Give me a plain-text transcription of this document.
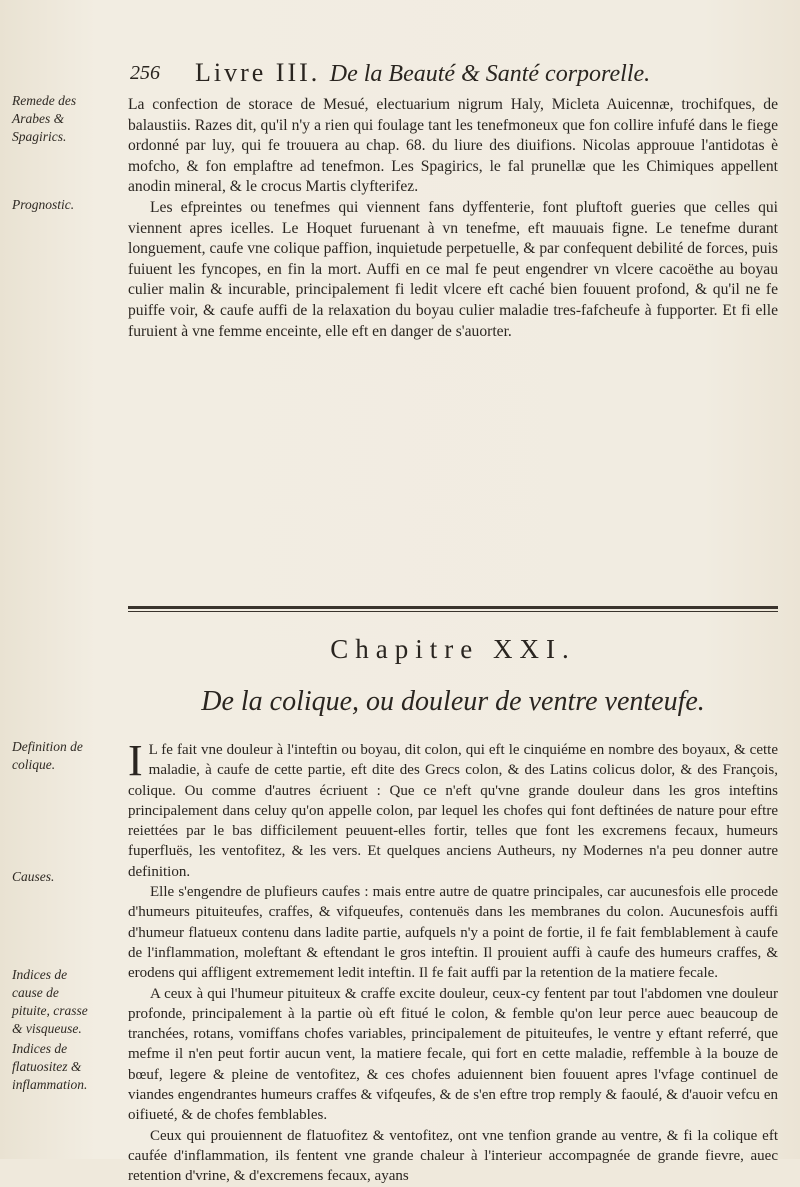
256 Livre III. De la Beauté & Santé corporelle.
Remede des Arabes & Spagirics.
Prognostic.
Definition de colique.
Causes.
Indices de cause de pituite, crasse & visqueuse.
Indices de flatuositez & inflammation.

La confection de storace de Mesué, electuarium nigrum Haly, Micleta Auicennæ, trochifques, de balaustiis. Razes dit, qu'il n'y a rien qui foulage tant les tenefmoneux que fon collire infufé dans le fiege ordonné par luy, qui fe trouuera au chap. 68. du liure des diuifions. Nicolas approuue l'antidotas è mofcho, & fon emplaftre ad tenefmon. Les Spagirics, le fal prunellæ que les Chimiques appellent anodin mineral, & le crocus Martis clyfterifez.

Les efpreintes ou tenefmes qui viennent fans dyffenterie, font pluftoft gueries que celles qui viennent apres icelles. Le Hoquet furuenant à vn tenefme, eft mauuais figne. Le tenefme durant longuement, caufe vne colique paffion, inquietude perpetuelle, & par confequent debilité de forces, puis fuiuent les fyncopes, en fin la mort. Auffi en ce mal fe peut engendrer vn vlcere cacoëthe au boyau culier malin & incurable, principalement fi ledit vlcere eft caché bien fouuent profond, & qu'il ne fe puiffe voir, & caufe auffi de la relaxation du boyau culier maladie tres-fafcheufe à fupporter. Et fi elle furuient à vne femme enceinte, elle eft en danger de s'auorter.

Chapitre XXI.
De la colique, ou douleur de ventre venteufe.

I L fe fait vne douleur à l'inteftin ou boyau, dit colon, qui eft le cinquiéme en nombre des boyaux, & cette maladie, à caufe de cette partie, eft dite des Grecs colon, & des Latins colicus dolor, & des François, colique. Ou comme d'autres écriuent : Que ce n'eft qu'vne grande douleur dans les gros inteftins principalement dans celuy qu'on appelle colon, par lequel les chofes qui font deftinées de nature pour eftre reiettées par le bas difficilement peuuent-elles fortir, telles que font les excremens fecaux, humeurs fuperfluës, les ventofitez, & les vers. Et quelques anciens Autheurs, ny Modernes n'a peu donner autre definition.

Elle s'engendre de plufieurs caufes : mais entre autre de quatre principales, car aucunesfois elle procede d'humeurs pituiteufes, craffes, & vifqueufes, contenuës dans les membranes du colon. Aucunesfois auffi d'humeur flatueux contenu dans ladite partie, aufquels n'y a point de fortie, il fe fait femblablement à caufe de l'inflammation, moleftant & eftendant le gros inteftin. Il prouient auffi à caufe des humeurs craffes, & erodens qui affligent extremement ledit inteftin. Il fe fait auffi par la retention de la matiere fecale.

A ceux à qui l'humeur pituiteux & craffe excite douleur, ceux-cy fentent par tout l'abdomen vne douleur profonde, principalement à la partie où eft fitué le colon, & femble qu'on leur perce auec beaucoup de tranchées, rotans, vomiffans chofes variables, principalement de pituiteufes, le ventre y eftant referré, que mefme il n'en peut fortir aucun vent, la matiere fecale, qui fort en cette maladie, reffemble à la bouze de bœuf, legere & pleine de ventofitez, & ces chofes aduiennent bien fouuent apres l'vfage continuel de viandes engendrantes humeurs craffes & vifqeufes, & de s'en eftre trop remply & faoulé, & d'auoir vefcu en oifiueté, & de chofes femblables.

Ceux qui prouiennent de flatuofitez & ventofitez, ont vne tenfion grande au ventre, & fi la colique eft caufée d'inflammation, ils fentent vne grande chaleur à l'interieur accompagnée de grande fievre, auec retention d'vrine, & d'excremens fecaux, ayans
